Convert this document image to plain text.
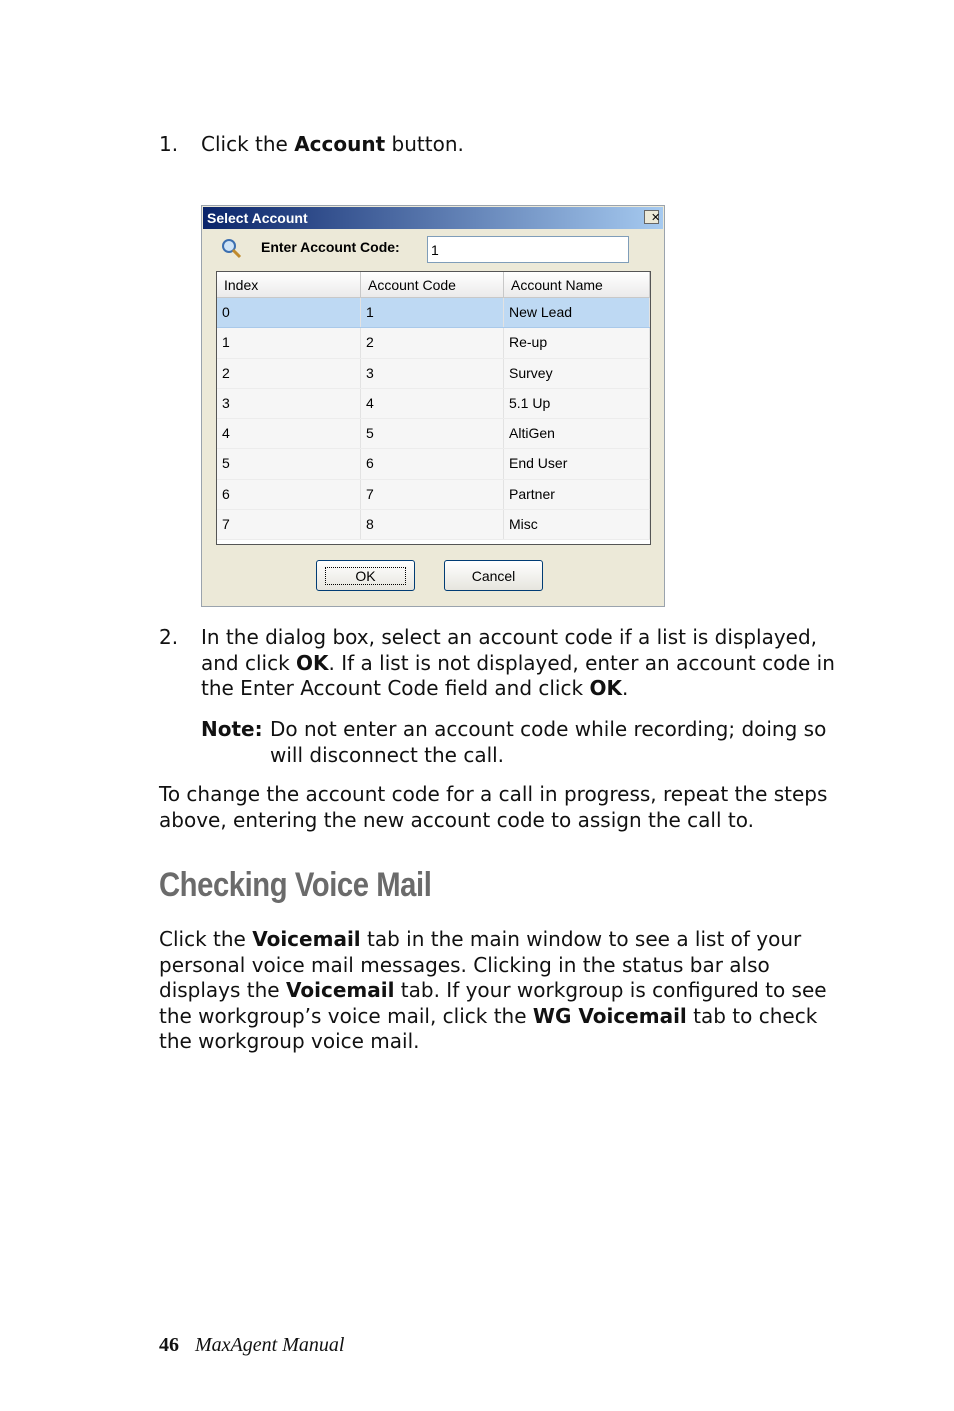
1. Click the Account button.
Select Account	✕
Enter Account Code:
1
Index	Account Code	Account Name
0	1	New Lead
1	2	Re-up
2	3	Survey
3	4	5.1 Up
4	5	AltiGen
5	6	End User
6	7	Partner
7	8	Misc
OK	Cancel
2. In the dialog box, select an account code if a list is displayed, and click OK. If a list is not displayed, enter an account code in the Enter Account Code field and click OK.
Note: Do not enter an account code while recording; doing so
will disconnect the call.
To change the account code for a call in progress, repeat the steps above, entering the new account code to assign the call to.
Checking Voice Mail
Click the Voicemail tab in the main window to see a list of your personal voice mail messages. Clicking in the status bar also displays the Voicemail tab. If your workgroup is configured to see the workgroup’s voice mail, click the WG Voicemail tab to check the workgroup voice mail.
46 MaxAgent Manual
